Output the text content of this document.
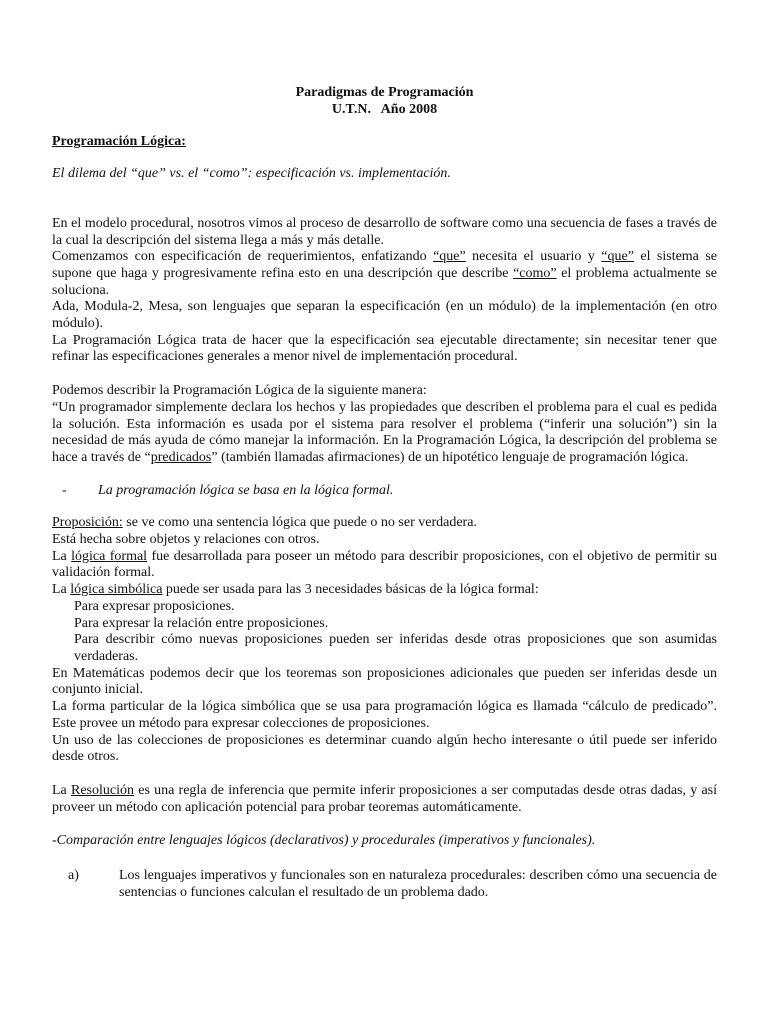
Paradigmas de Programación
U.T.N.   Año 2008
Programación Lógica:
El dilema del “que” vs. el “como”: especificación vs. implementación.

En el modelo procedural, nosotros vimos al proceso de desarrollo de software como una secuencia de fases a través de la cual la descripción del sistema llega a más y más detalle.

Comenzamos con especificación de requerimientos, enfatizando “que” necesita el usuario y “que” el sistema se supone que haga y progresivamente refina esto en una descripción que describe “como” el problema actualmente se soluciona.

Ada, Modula-2, Mesa, son lenguajes que separan la especificación (en un módulo) de la implementación (en otro módulo).

La Programación Lógica trata de hacer que la especificación sea ejecutable directamente; sin necesitar tener que refinar las especificaciones generales a menor nivel de implementación procedural.

Podemos describir la Programación Lógica de la siguiente manera:

“Un programador simplemente declara los hechos y las propiedades que describen el problema para el cual es pedida la solución. Esta información es usada por el sistema para resolver el problema (“inferir una solución”) sin la necesidad de más ayuda de cómo manejar la información. En la Programación Lógica, la descripción del problema se hace a través de “predicados” (también llamadas afirmaciones) de un hipotético lenguaje de programación lógica.

-	La programación lógica se basa en la lógica formal.

Proposición: se ve como una sentencia lógica que puede o no ser verdadera.

Está hecha sobre objetos y relaciones con otros.

La lógica formal fue desarrollada para poseer un método para describir proposiciones, con el objetivo de permitir su validación formal.

La lógica simbólica puede ser usada para las 3 necesidades básicas de la lógica formal:

Para expresar proposiciones.

Para expresar la relación entre proposiciones.

Para describir cómo nuevas proposiciones pueden ser inferidas desde otras proposiciones que son asumidas verdaderas.

En Matemáticas podemos decir que los teoremas son proposiciones adicionales que pueden ser inferidas desde un conjunto inicial.

La forma particular de la lógica simbólica que se usa para programación lógica es llamada “cálculo de predicado”. Este provee un método para expresar colecciones de proposiciones.

Un uso de las colecciones de proposiciones es determinar cuando algún hecho interesante o útil puede ser inferido desde otros.

La Resolución es una regla de inferencia que permite inferir proposiciones a ser computadas desde otras dadas, y así proveer un método con aplicación potencial para probar teoremas automáticamente.

-Comparación entre lenguajes lógicos (declarativos) y procedurales (imperativos y funcionales).

a)	Los lenguajes imperativos y funcionales son en naturaleza procedurales: describen cómo una secuencia de sentencias o funciones calculan el resultado de un problema dado.
